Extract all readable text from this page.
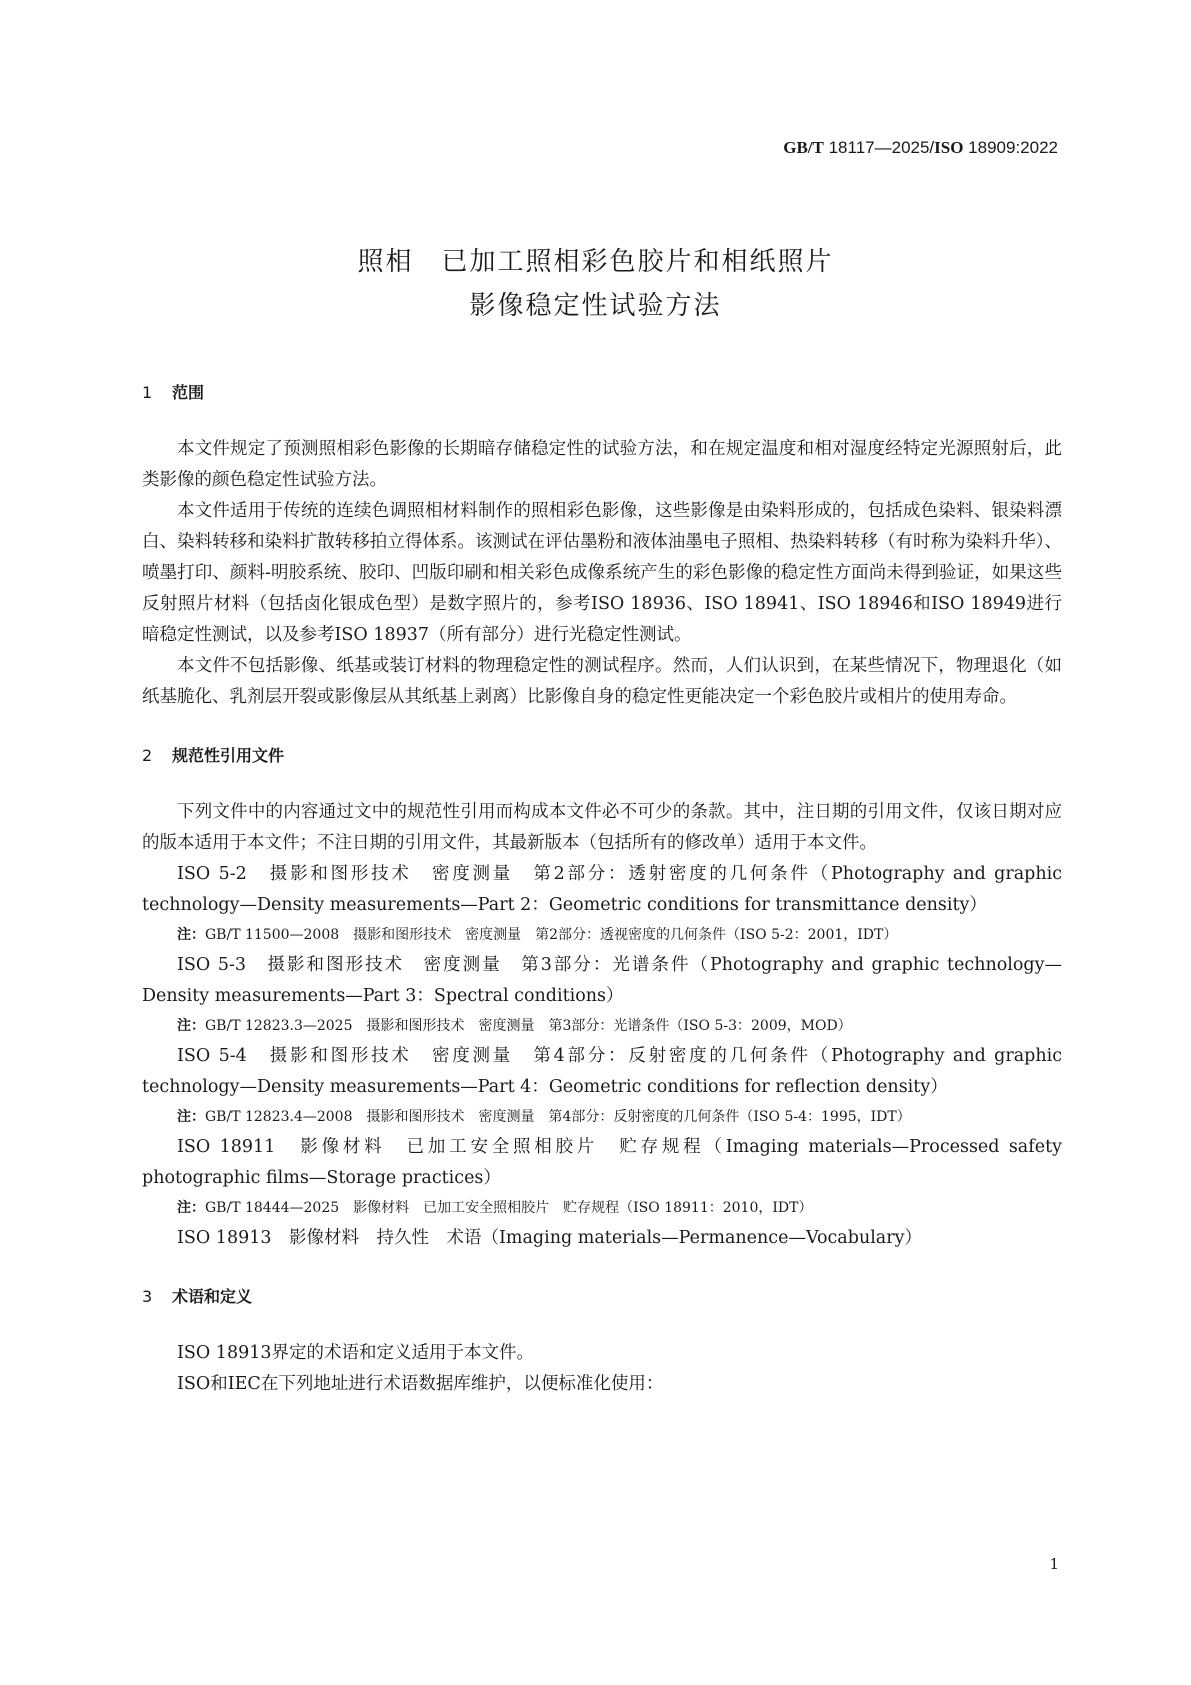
GB/T 18117—2025/ISO 18909:2022
照相　已加工照相彩色胶片和相纸照片
影像稳定性试验方法
1 范围

本文件规定了预测照相彩色影像的长期暗存储稳定性的试验方法，和在规定温度和相对湿度经特定光源照射后，此类影像的颜色稳定性试验方法。

本文件适用于传统的连续色调照相材料制作的照相彩色影像，这些影像是由染料形成的，包括成色染料、银染料漂白、染料转移和染料扩散转移拍立得体系。该测试在评估墨粉和液体油墨电子照相、热染料转移（有时称为染料升华）、喷墨打印、颜料-明胶系统、胶印、凹版印刷和相关彩色成像系统产生的彩色影像的稳定性方面尚未得到验证，如果这些反射照片材料（包括卤化银成色型）是数字照片的，参考ISO 18936、ISO 18941、ISO 18946和ISO 18949进行暗稳定性测试，以及参考ISO 18937（所有部分）进行光稳定性测试。

本文件不包括影像、纸基或装订材料的物理稳定性的测试程序。然而，人们认识到，在某些情况下，物理退化（如纸基脆化、乳剂层开裂或影像层从其纸基上剥离）比影像自身的稳定性更能决定一个彩色胶片或相片的使用寿命。

2 规范性引用文件

下列文件中的内容通过文中的规范性引用而构成本文件必不可少的条款。其中，注日期的引用文件，仅该日期对应的版本适用于本文件；不注日期的引用文件，其最新版本（包括所有的修改单）适用于本文件。

ISO 5-2　摄影和图形技术　密度测量　第2部分：透射密度的几何条件（Photography and graphic technology—Density measurements—Part 2：Geometric conditions for transmittance density）

注：GB/T 11500—2008　摄影和图形技术　密度测量　第2部分：透视密度的几何条件（ISO 5-2：2001，IDT）

ISO 5-3　摄影和图形技术　密度测量　第3部分：光谱条件（Photography and graphic technology—Density measurements—Part 3：Spectral conditions）

注：GB/T 12823.3—2025　摄影和图形技术　密度测量　第3部分：光谱条件（ISO 5-3：2009，MOD）

ISO 5-4　摄影和图形技术　密度测量　第4部分：反射密度的几何条件（Photography and graphic technology—Density measurements—Part 4：Geometric conditions for reflection density）

注：GB/T 12823.4—2008　摄影和图形技术　密度测量　第4部分：反射密度的几何条件（ISO 5-4：1995，IDT）

ISO 18911　影像材料　已加工安全照相胶片　贮存规程（Imaging materials—Processed safety photographic films—Storage practices）

注：GB/T 18444—2025　影像材料　已加工安全照相胶片　贮存规程（ISO 18911：2010，IDT）

ISO 18913　影像材料　持久性　术语（Imaging materials—Permanence—Vocabulary）

3 术语和定义

ISO 18913界定的术语和定义适用于本文件。

ISO和IEC在下列地址进行术语数据库维护，以便标准化使用：

1
